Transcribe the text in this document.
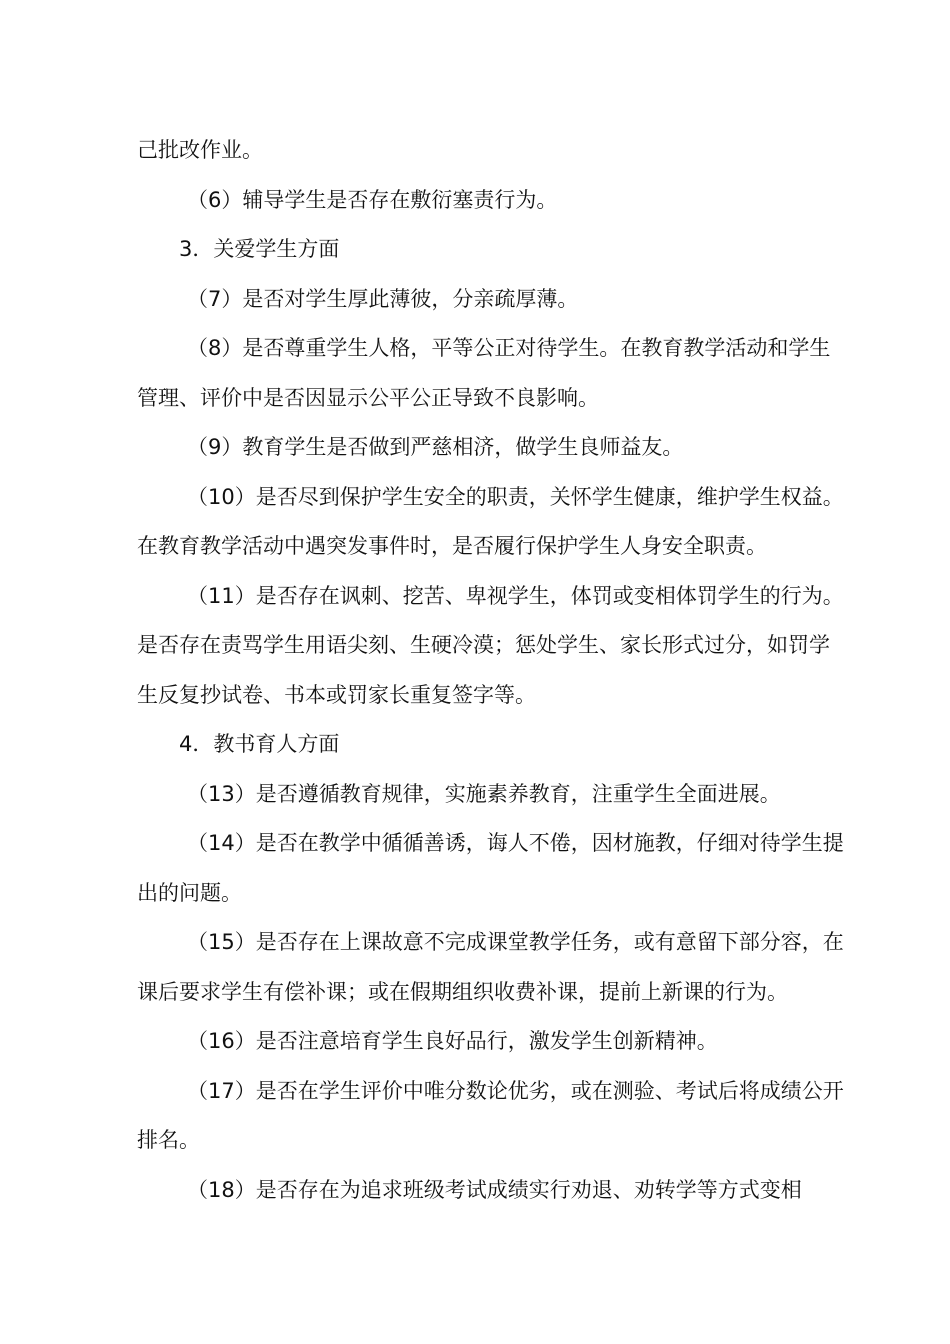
己批改作业。

（6）辅导学生是否存在敷衍塞责行为。

3．关爱学生方面

（7）是否对学生厚此薄彼，分亲疏厚薄。

（8）是否尊重学生人格，平等公正对待学生。在教育教学活动和学生管理、评价中是否因显示公平公正导致不良影响。

（9）教育学生是否做到严慈相济，做学生良师益友。

（10）是否尽到保护学生安全的职责，关怀学生健康，维护学生权益。在教育教学活动中遇突发事件时，是否履行保护学生人身安全职责。

（11）是否存在讽刺、挖苦、卑视学生，体罚或变相体罚学生的行为。是否存在责骂学生用语尖刻、生硬冷漠；惩处学生、家长形式过分，如罚学生反复抄试卷、书本或罚家长重复签字等。

4．教书育人方面

（13）是否遵循教育规律，实施素养教育，注重学生全面进展。

（14）是否在教学中循循善诱，诲人不倦，因材施教，仔细对待学生提出的问题。

（15）是否存在上课故意不完成课堂教学任务，或有意留下部分容，在课后要求学生有偿补课；或在假期组织收费补课，提前上新课的行为。

（16）是否注意培育学生良好品行，激发学生创新精神。

（17）是否在学生评价中唯分数论优劣，或在测验、考试后将成绩公开排名。

（18）是否存在为追求班级考试成绩实行劝退、劝转学等方式变相
